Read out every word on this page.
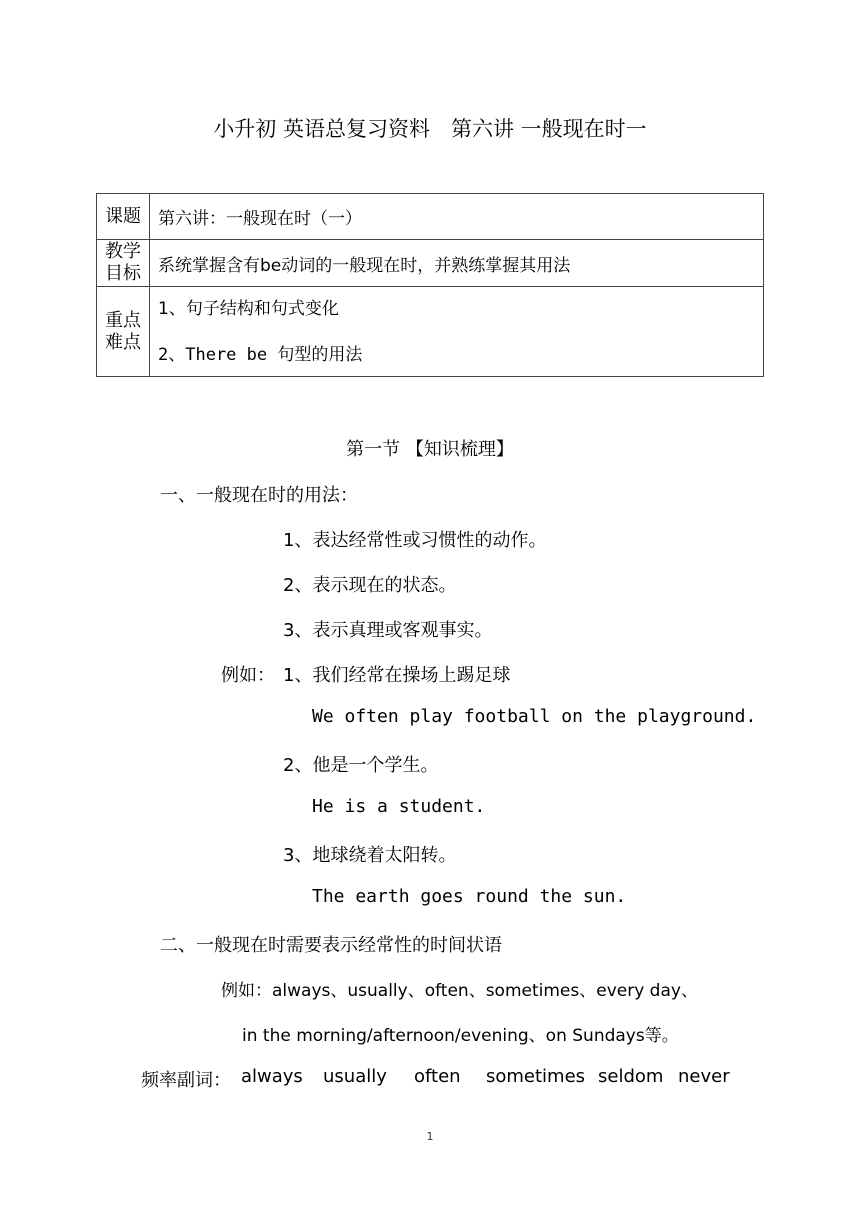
小升初 英语总复习资料　第六讲 一般现在时一
课题	第六讲：一般现在时（一）
教学
目标	系统掌握含有be动词的一般现在时，并熟练掌握其用法
重点
难点	1、句子结构和句式变化
2、There be 句型的用法
第一节 【知识梳理】
一、一般现在时的用法：
1、表达经常性或习惯性的动作。
2、表示现在的状态。
3、表示真理或客观事实。
例如： 1、我们经常在操场上踢足球
We often play football on the playground.
2、他是一个学生。
He is a student.
3、地球绕着太阳转。
The earth goes round the sun.
二、一般现在时需要表示经常性的时间状语
例如：always、usually、often、sometimes、every day、
in the morning/afternoon/evening、on Sundays等。
频率副词： always usually often sometimes seldom never
1
